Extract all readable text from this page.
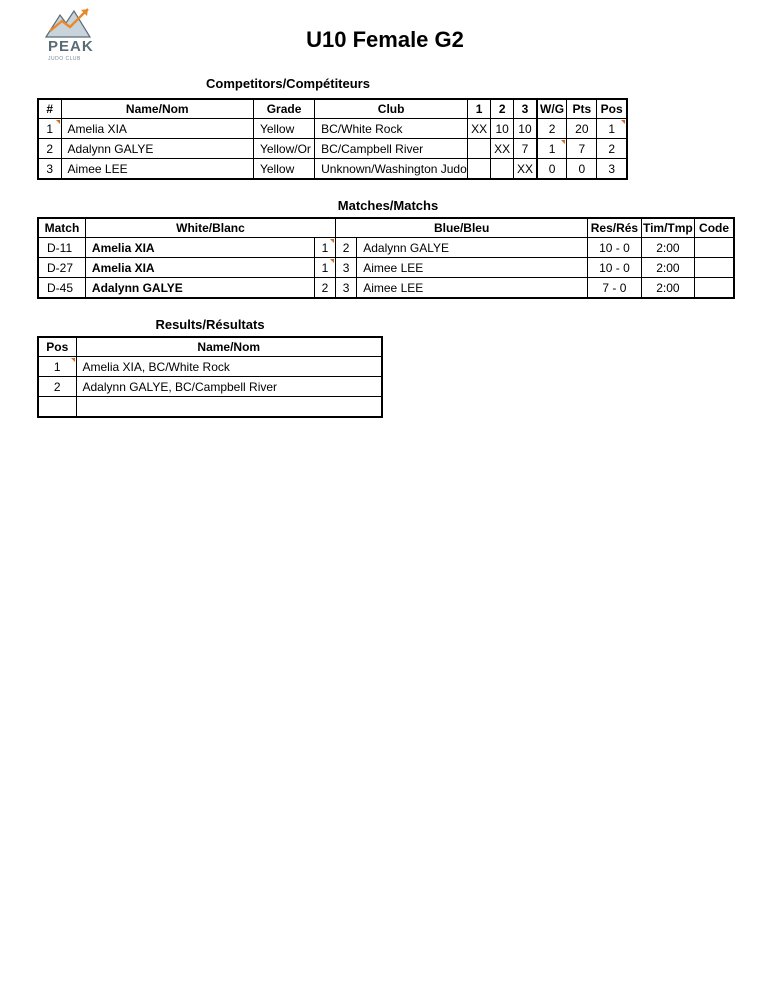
PEAK
JUDO CLUB
U10 Female G2
Competitors/Compétiteurs
#	Name/Nom	Grade	Club	1	2	3	W/G	Pts	Pos
1	Amelia XIA	Yellow	BC/White Rock	XX	10	10	2	20	1
2	Adalynn GALYE	Yellow/Or	BC/Campbell River		XX	7	1	7	2
3	Aimee LEE	Yellow	Unknown/Washington Judo			XX	0	0	3
Matches/Matchs
Match	White/Blanc		Blue/Bleu		Res/Rés	Tim/Tmp	Code
D-11	Amelia XIA	1	2	Adalynn GALYE	10 - 0	2:00	
D-27	Amelia XIA	1	3	Aimee LEE	10 - 0	2:00	
D-45	Adalynn GALYE	2	3	Aimee LEE	7 - 0	2:00	
Results/Résultats
Pos	Name/Nom
1	Amelia XIA, BC/White Rock
2	Adalynn GALYE, BC/Campbell River
